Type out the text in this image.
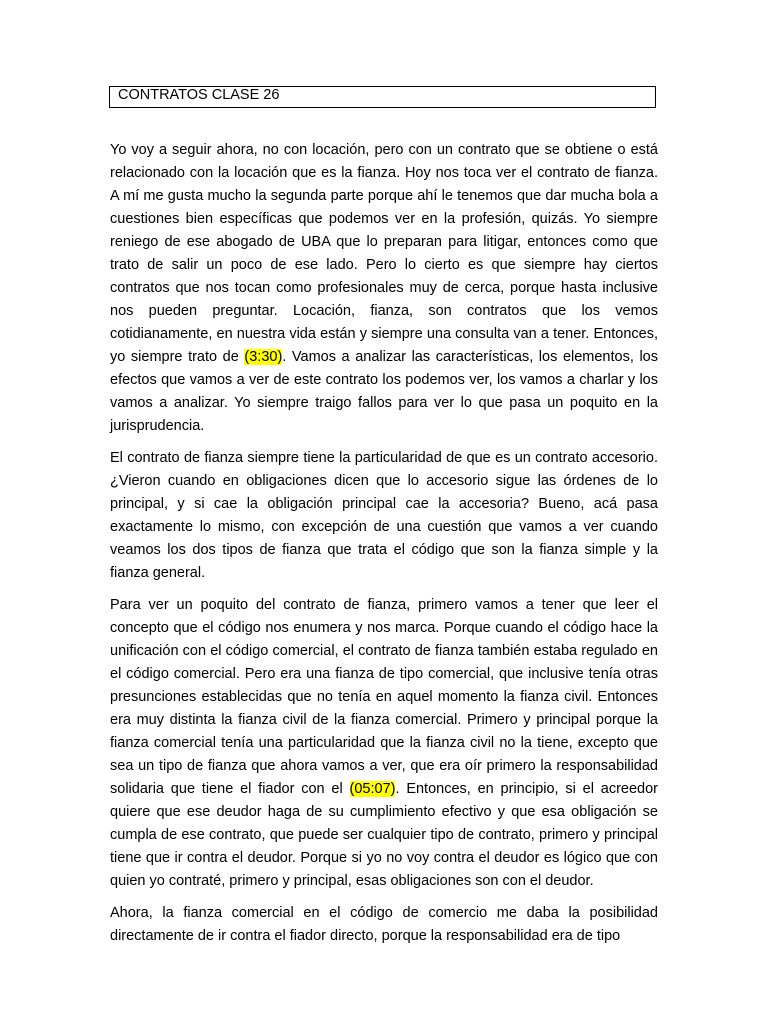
CONTRATOS CLASE 26

Yo voy a seguir ahora, no con locación, pero con un contrato que se obtiene o está relacionado con la locación que es la fianza. Hoy nos toca ver el contrato de fianza. A mí me gusta mucho la segunda parte porque ahí le tenemos que dar mucha bola a cuestiones bien específicas que podemos ver en la profesión, quizás. Yo siempre reniego de ese abogado de UBA que lo preparan para litigar, entonces como que trato de salir un poco de ese lado. Pero lo cierto es que siempre hay ciertos contratos que nos tocan como profesionales muy de cerca, porque hasta inclusive nos pueden preguntar. Locación, fianza, son contratos que los vemos cotidianamente, en nuestra vida están y siempre una consulta van a tener. Entonces, yo siempre trato de (3:30). Vamos a analizar las características, los elementos, los efectos que vamos a ver de este contrato los podemos ver, los vamos a charlar y los vamos a analizar. Yo siempre traigo fallos para ver lo que pasa un poquito en la jurisprudencia.

El contrato de fianza siempre tiene la particularidad de que es un contrato accesorio. ¿Vieron cuando en obligaciones dicen que lo accesorio sigue las órdenes de lo principal, y si cae la obligación principal cae la accesoria? Bueno, acá pasa exactamente lo mismo, con excepción de una cuestión que vamos a ver cuando veamos los dos tipos de fianza que trata el código que son la fianza simple y la fianza general.

Para ver un poquito del contrato de fianza, primero vamos a tener que leer el concepto que el código nos enumera y nos marca. Porque cuando el código hace la unificación con el código comercial, el contrato de fianza también estaba regulado en el código comercial. Pero era una fianza de tipo comercial, que inclusive tenía otras presunciones establecidas que no tenía en aquel momento la fianza civil. Entonces era muy distinta la fianza civil de la fianza comercial. Primero y principal porque la fianza comercial tenía una particularidad que la fianza civil no la tiene, excepto que sea un tipo de fianza que ahora vamos a ver, que era oír primero la responsabilidad solidaria que tiene el fiador con el (05:07). Entonces, en principio, si el acreedor quiere que ese deudor haga de su cumplimiento efectivo y que esa obligación se cumpla de ese contrato, que puede ser cualquier tipo de contrato, primero y principal tiene que ir contra el deudor. Porque si yo no voy contra el deudor es lógico que con quien yo contraté, primero y principal, esas obligaciones son con el deudor.

Ahora, la fianza comercial en el código de comercio me daba la posibilidad directamente de ir contra el fiador directo, porque la responsabilidad era de tipo
